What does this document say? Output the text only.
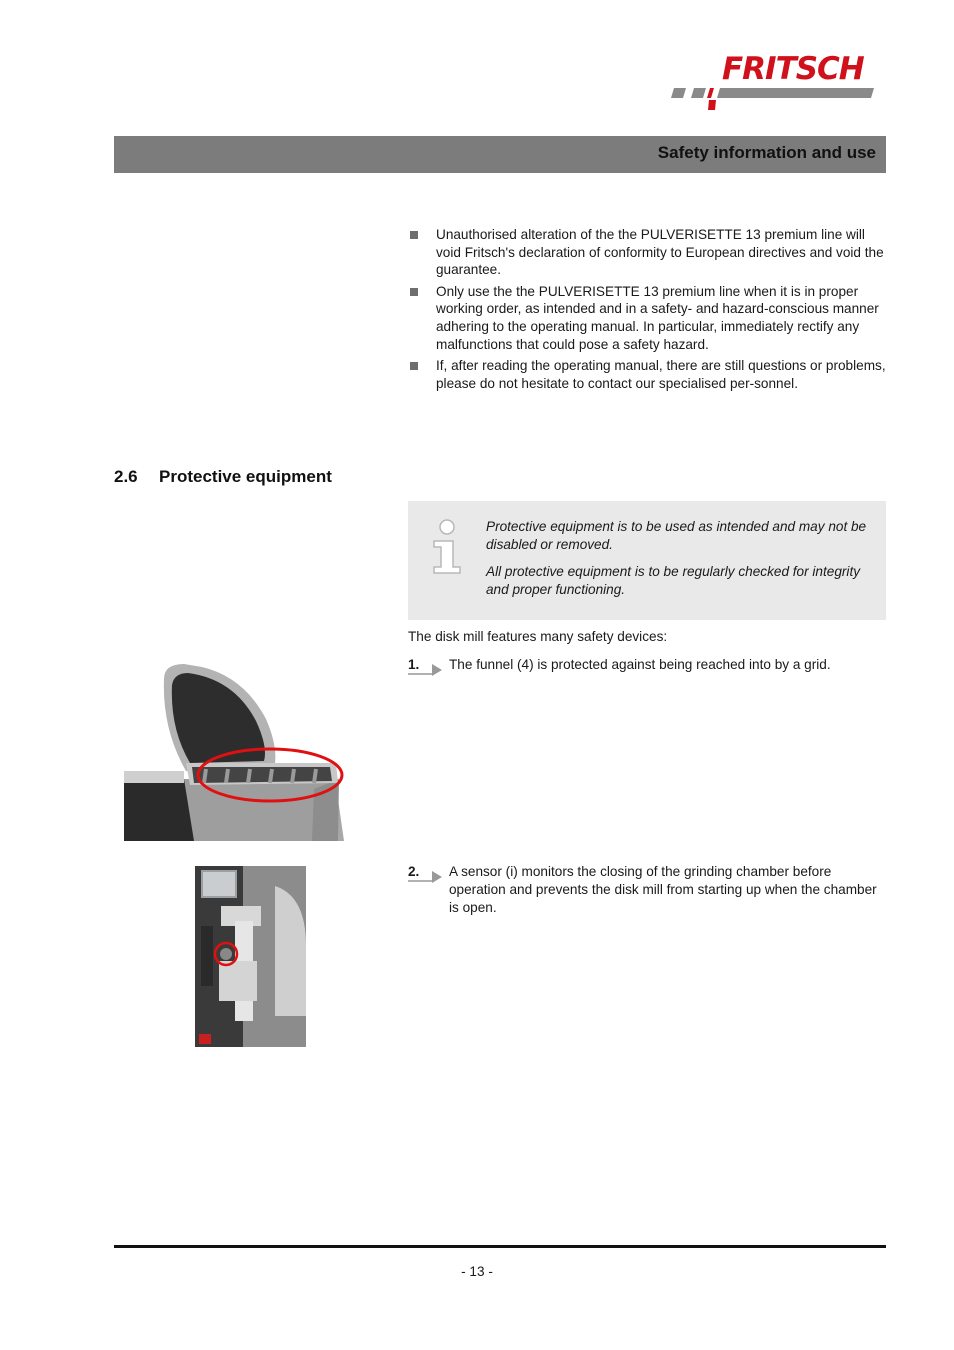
FRITSCH
Safety information and use
Unauthorised alteration of the the PULVERISETTE 13 premium line will void Fritsch's declaration of conformity to European directives and void the guarantee.
Only use the the PULVERISETTE 13 premium line when it is in proper working order, as intended and in a safety- and hazard-conscious manner adhering to the operating manual. In particular, immediately rectify any malfunctions that could pose a safety hazard.
If, after reading the operating manual, there are still questions or problems, please do not hesitate to contact our specialised per-sonnel.
2.6 Protective equipment

Protective equipment is to be used as intended and may not be disabled or removed.

All protective equipment is to be regularly checked for integrity and proper functioning.

The disk mill features many safety devices:
1. The funnel (4) is protected against being reached into by a grid.
2. A sensor (i) monitors the closing of the grinding chamber before operation and prevents the disk mill from starting up when the chamber is open.
- 13 -
